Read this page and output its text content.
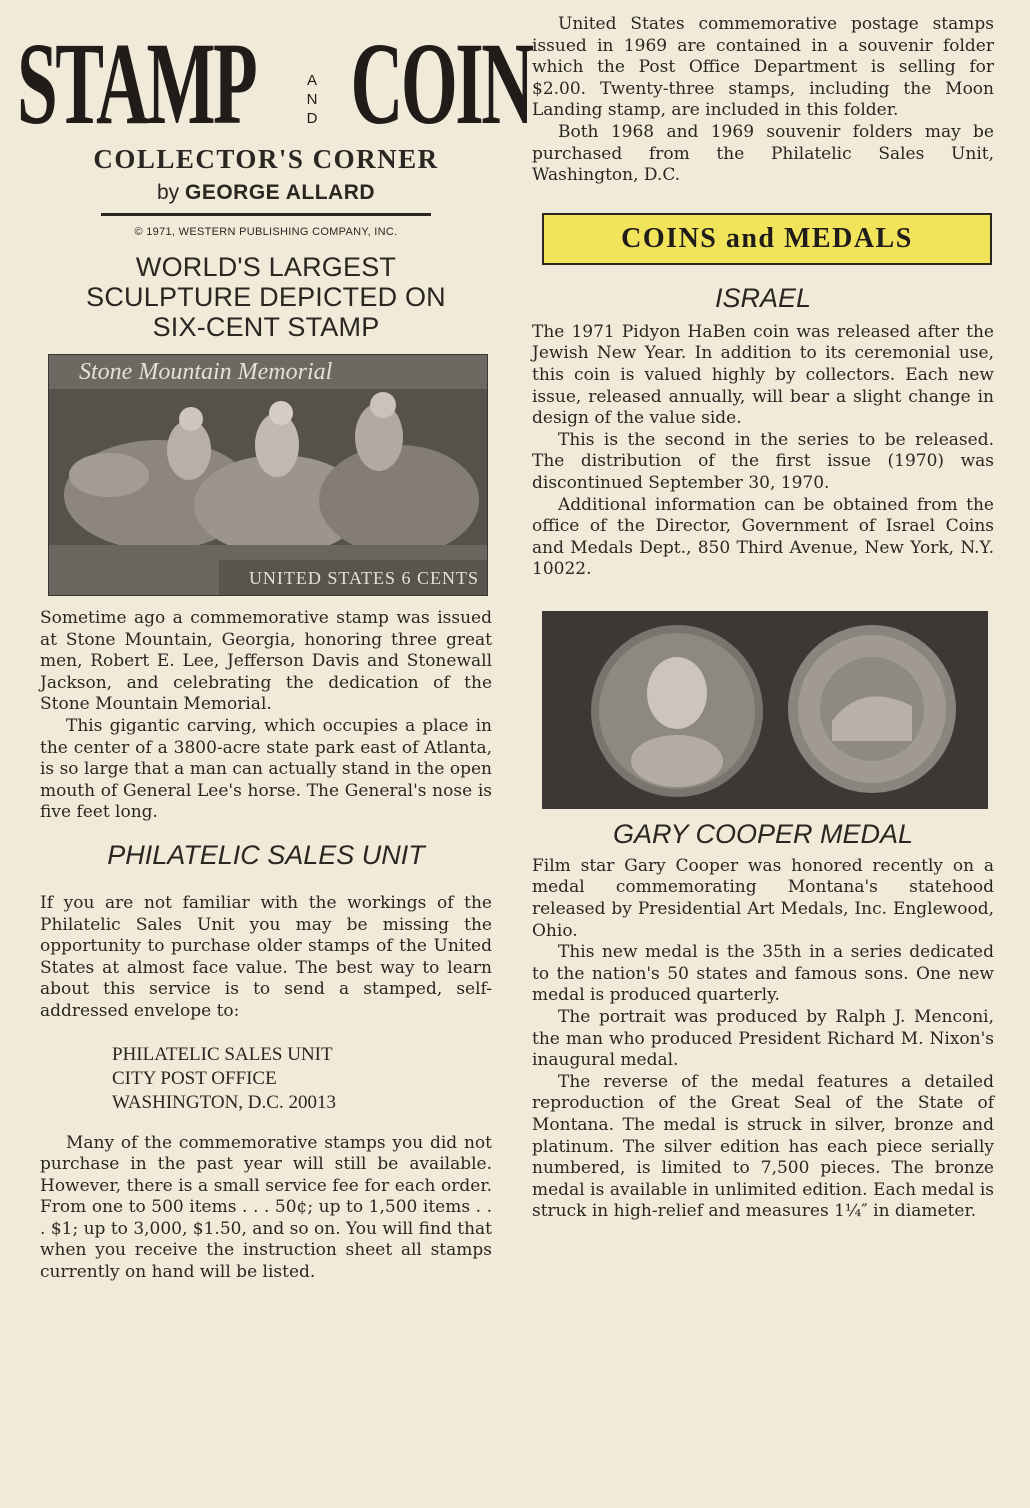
STAMP	A
N
D COIN
COLLECTOR'S CORNER
by GEORGE ALLARD
© 1971, WESTERN PUBLISHING COMPANY, INC.
WORLD'S LARGEST
SCULPTURE DEPICTED ON
SIX-CENT STAMP
Stone Mountain Memorial
UNITED STATES 6 CENTS

Sometime ago a commemorative stamp was issued at Stone Mountain, Georgia, honoring three great men, Robert E. Lee, Jefferson Davis and Stonewall Jackson, and celebrating the dedication of the Stone Mountain Memorial.

This gigantic carving, which occupies a place in the center of a 3800-acre state park east of Atlanta, is so large that a man can actually stand in the open mouth of General Lee's horse. The General's nose is five feet long.

PHILATELIC SALES UNIT

If you are not familiar with the workings of the Philatelic Sales Unit you may be missing the opportunity to purchase older stamps of the United States at almost face value. The best way to learn about this service is to send a stamped, self-addressed envelope to:

PHILATELIC SALES UNIT
CITY POST OFFICE
WASHINGTON, D.C. 20013

Many of the commemorative stamps you did not purchase in the past year will still be available. However, there is a small service fee for each order. From one to 500 items . . . 50¢; up to 1,500 items . . . $1; up to 3,000, $1.50, and so on. You will find that when you receive the instruction sheet all stamps currently on hand will be listed.

United States commemorative postage stamps issued in 1969 are contained in a souvenir folder which the Post Office Department is selling for $2.00. Twenty-three stamps, including the Moon Landing stamp, are included in this folder.

Both 1968 and 1969 souvenir folders may be purchased from the Philatelic Sales Unit, Washington, D.C.

COINS and MEDALS
ISRAEL

The 1971 Pidyon HaBen coin was released after the Jewish New Year. In addition to its ceremonial use, this coin is valued highly by collectors. Each new issue, released annually, will bear a slight change in design of the value side.

This is the second in the series to be released. The distribution of the first issue (1970) was discontinued September 30, 1970.

Additional information can be obtained from the office of the Director, Government of Israel Coins and Medals Dept., 850 Third Avenue, New York, N.Y. 10022.

GARY COOPER MEDAL

Film star Gary Cooper was honored recently on a medal commemorating Montana's statehood released by Presidential Art Medals, Inc. Englewood, Ohio.

This new medal is the 35th in a series dedicated to the nation's 50 states and famous sons. One new medal is produced quarterly.

The portrait was produced by Ralph J. Menconi, the man who produced President Richard M. Nixon's inaugural medal.

The reverse of the medal features a detailed reproduction of the Great Seal of the State of Montana. The medal is struck in silver, bronze and platinum. The silver edition has each piece serially numbered, is limited to 7,500 pieces. The bronze medal is available in unlimited edition. Each medal is struck in high-relief and measures 1¼″ in diameter.
